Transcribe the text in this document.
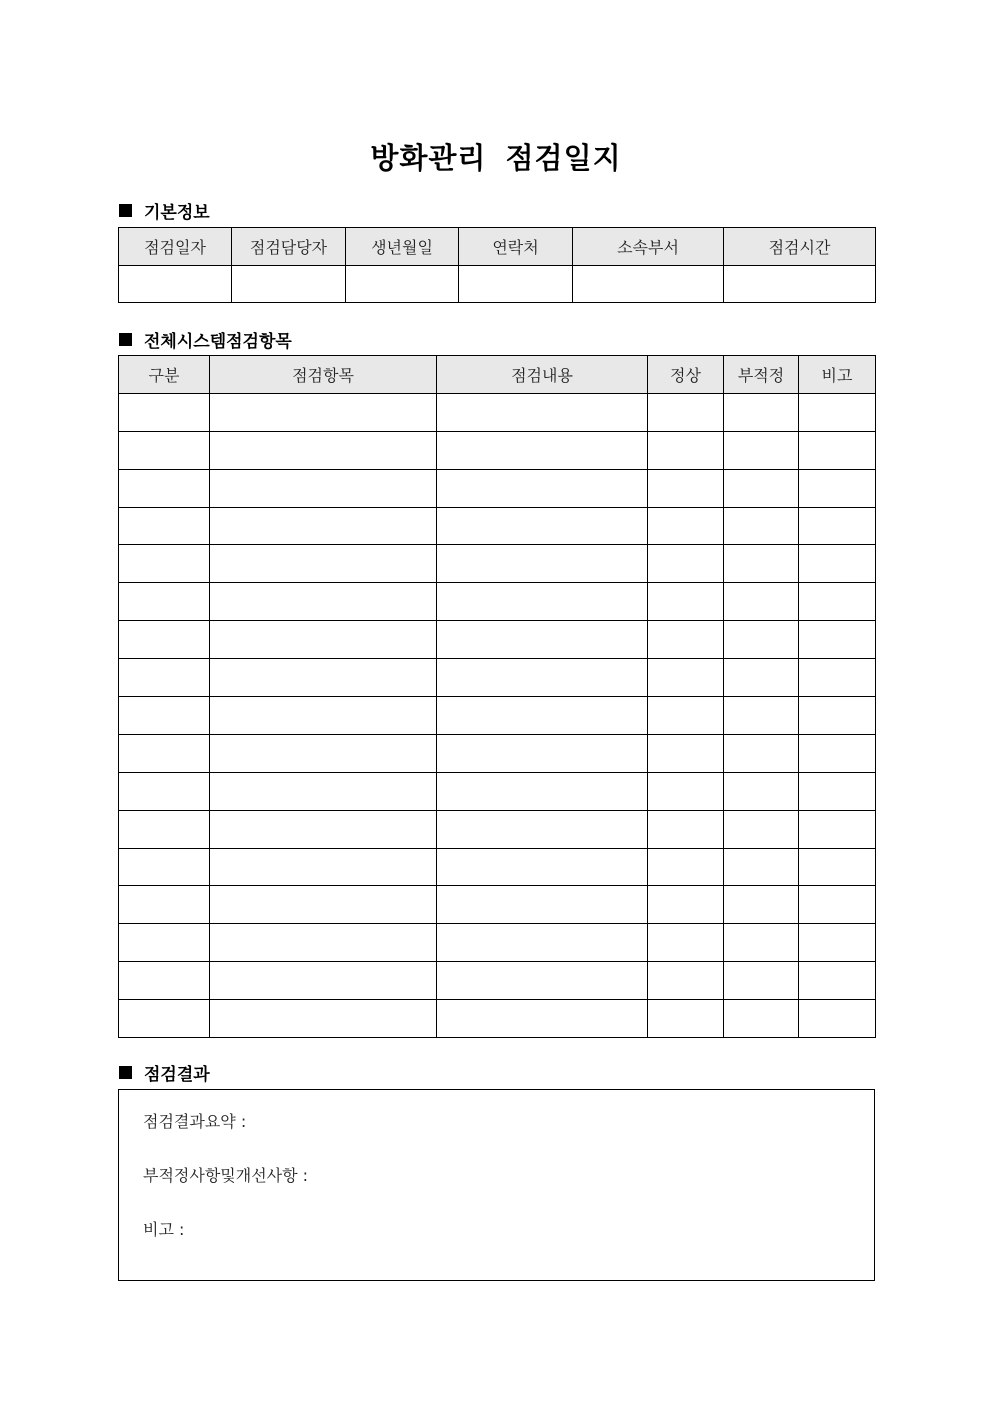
방화관리 점검일지
기본정보
점검일자	점검담당자	생년월일	연락처	소속부서	점검시간

전체시스템점검항목
구분	점검항목	점검내용	정상	부적정	비고

점검결과
점검결과요약 :
부적정사항및개선사항 :
비고 :
